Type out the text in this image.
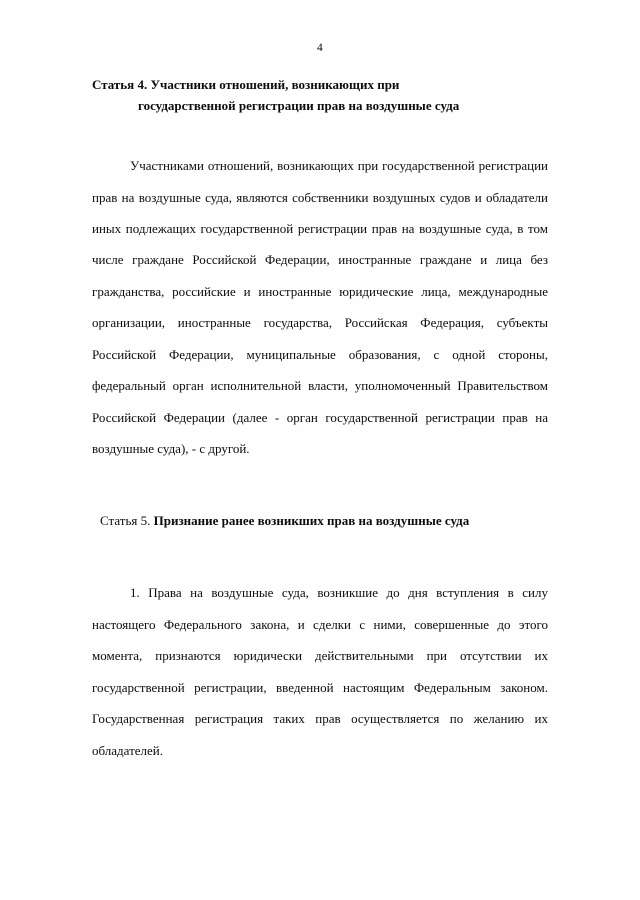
4
Статья 4. Участники отношений, возникающих при
государственной регистрации прав на воздушные суда

Участниками отношений, возникающих при государственной регистрации прав на воздушные суда, являются собственники воздушных судов и обладатели иных подлежащих государственной регистрации прав на воздушные суда, в том числе граждане Российской Федерации, иностранные граждане и лица без гражданства, российские и иностранные юридические лица, международные организации, иностранные государства, Российская Федерация, субъекты Российской Федерации, муниципальные образования, с одной стороны, федеральный орган исполнительной власти, уполномоченный Правительством Российской Федерации (далее - орган государственной регистрации прав на воздушные суда), - с другой.

Статья 5. Признание ранее возникших прав на воздушные суда

1. Права на воздушные суда, возникшие до дня вступления в силу настоящего Федерального закона, и сделки с ними, совершенные до этого момента, признаются юридически действительными при отсутствии их государственной регистрации, введенной настоящим Федеральным законом. Государственная регистрация таких прав осуществляется по желанию их обладателей.
